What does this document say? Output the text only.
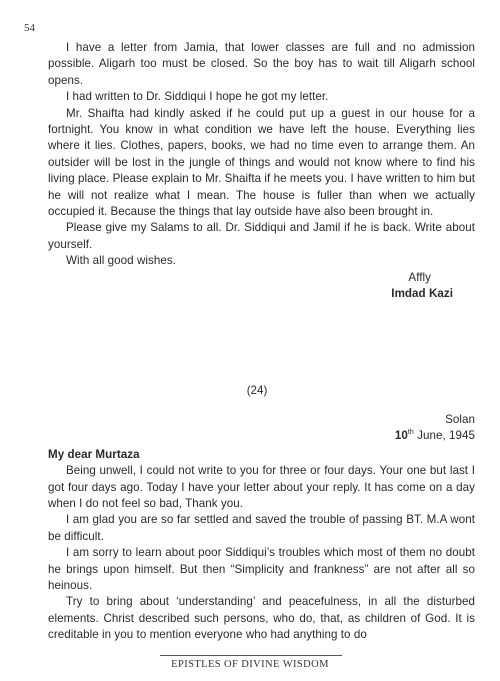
54

I have a letter from Jamia, that lower classes are full and no admission possible. Aligarh too must be closed. So the boy has to wait till Aligarh school opens.

I had written to Dr. Siddiqui I hope he got my letter.

Mr. Shaifta had kindly asked if he could put up a guest in our house for a fortnight. You know in what condition we have left the house. Everything lies where it lies. Clothes, papers, books, we had no time even to arrange them. An outsider will be lost in the jungle of things and would not know where to find his living place. Please explain to Mr. Shaifta if he meets you. I have written to him but he will not realize what I mean. The house is fuller than when we actually occupied it. Because the things that lay outside have also been brought in.

Please give my Salams to all. Dr. Siddiqui and Jamil if he is back. Write about yourself.

With all good wishes.

Affly
Imdad Kazi

(24)

Solan
10th June, 1945

My dear Murtaza

Being unwell, I could not write to you for three or four days. Your one but last I got four days ago. Today I have your letter about your reply. It has come on a day when I do not feel so bad, Thank you.

I am glad you are so far settled and saved the trouble of passing BT. M.A wont be difficult.

I am sorry to learn about poor Siddiqui’s troubles which most of them no doubt he brings upon himself. But then “Simplicity and frankness” are not after all so heinous.

Try to bring about ‘understanding’ and peacefulness, in all the disturbed elements. Christ described such persons, who do, that, as children of God. It is creditable in you to mention everyone who had anything to do

EPISTLES OF DIVINE WISDOM
